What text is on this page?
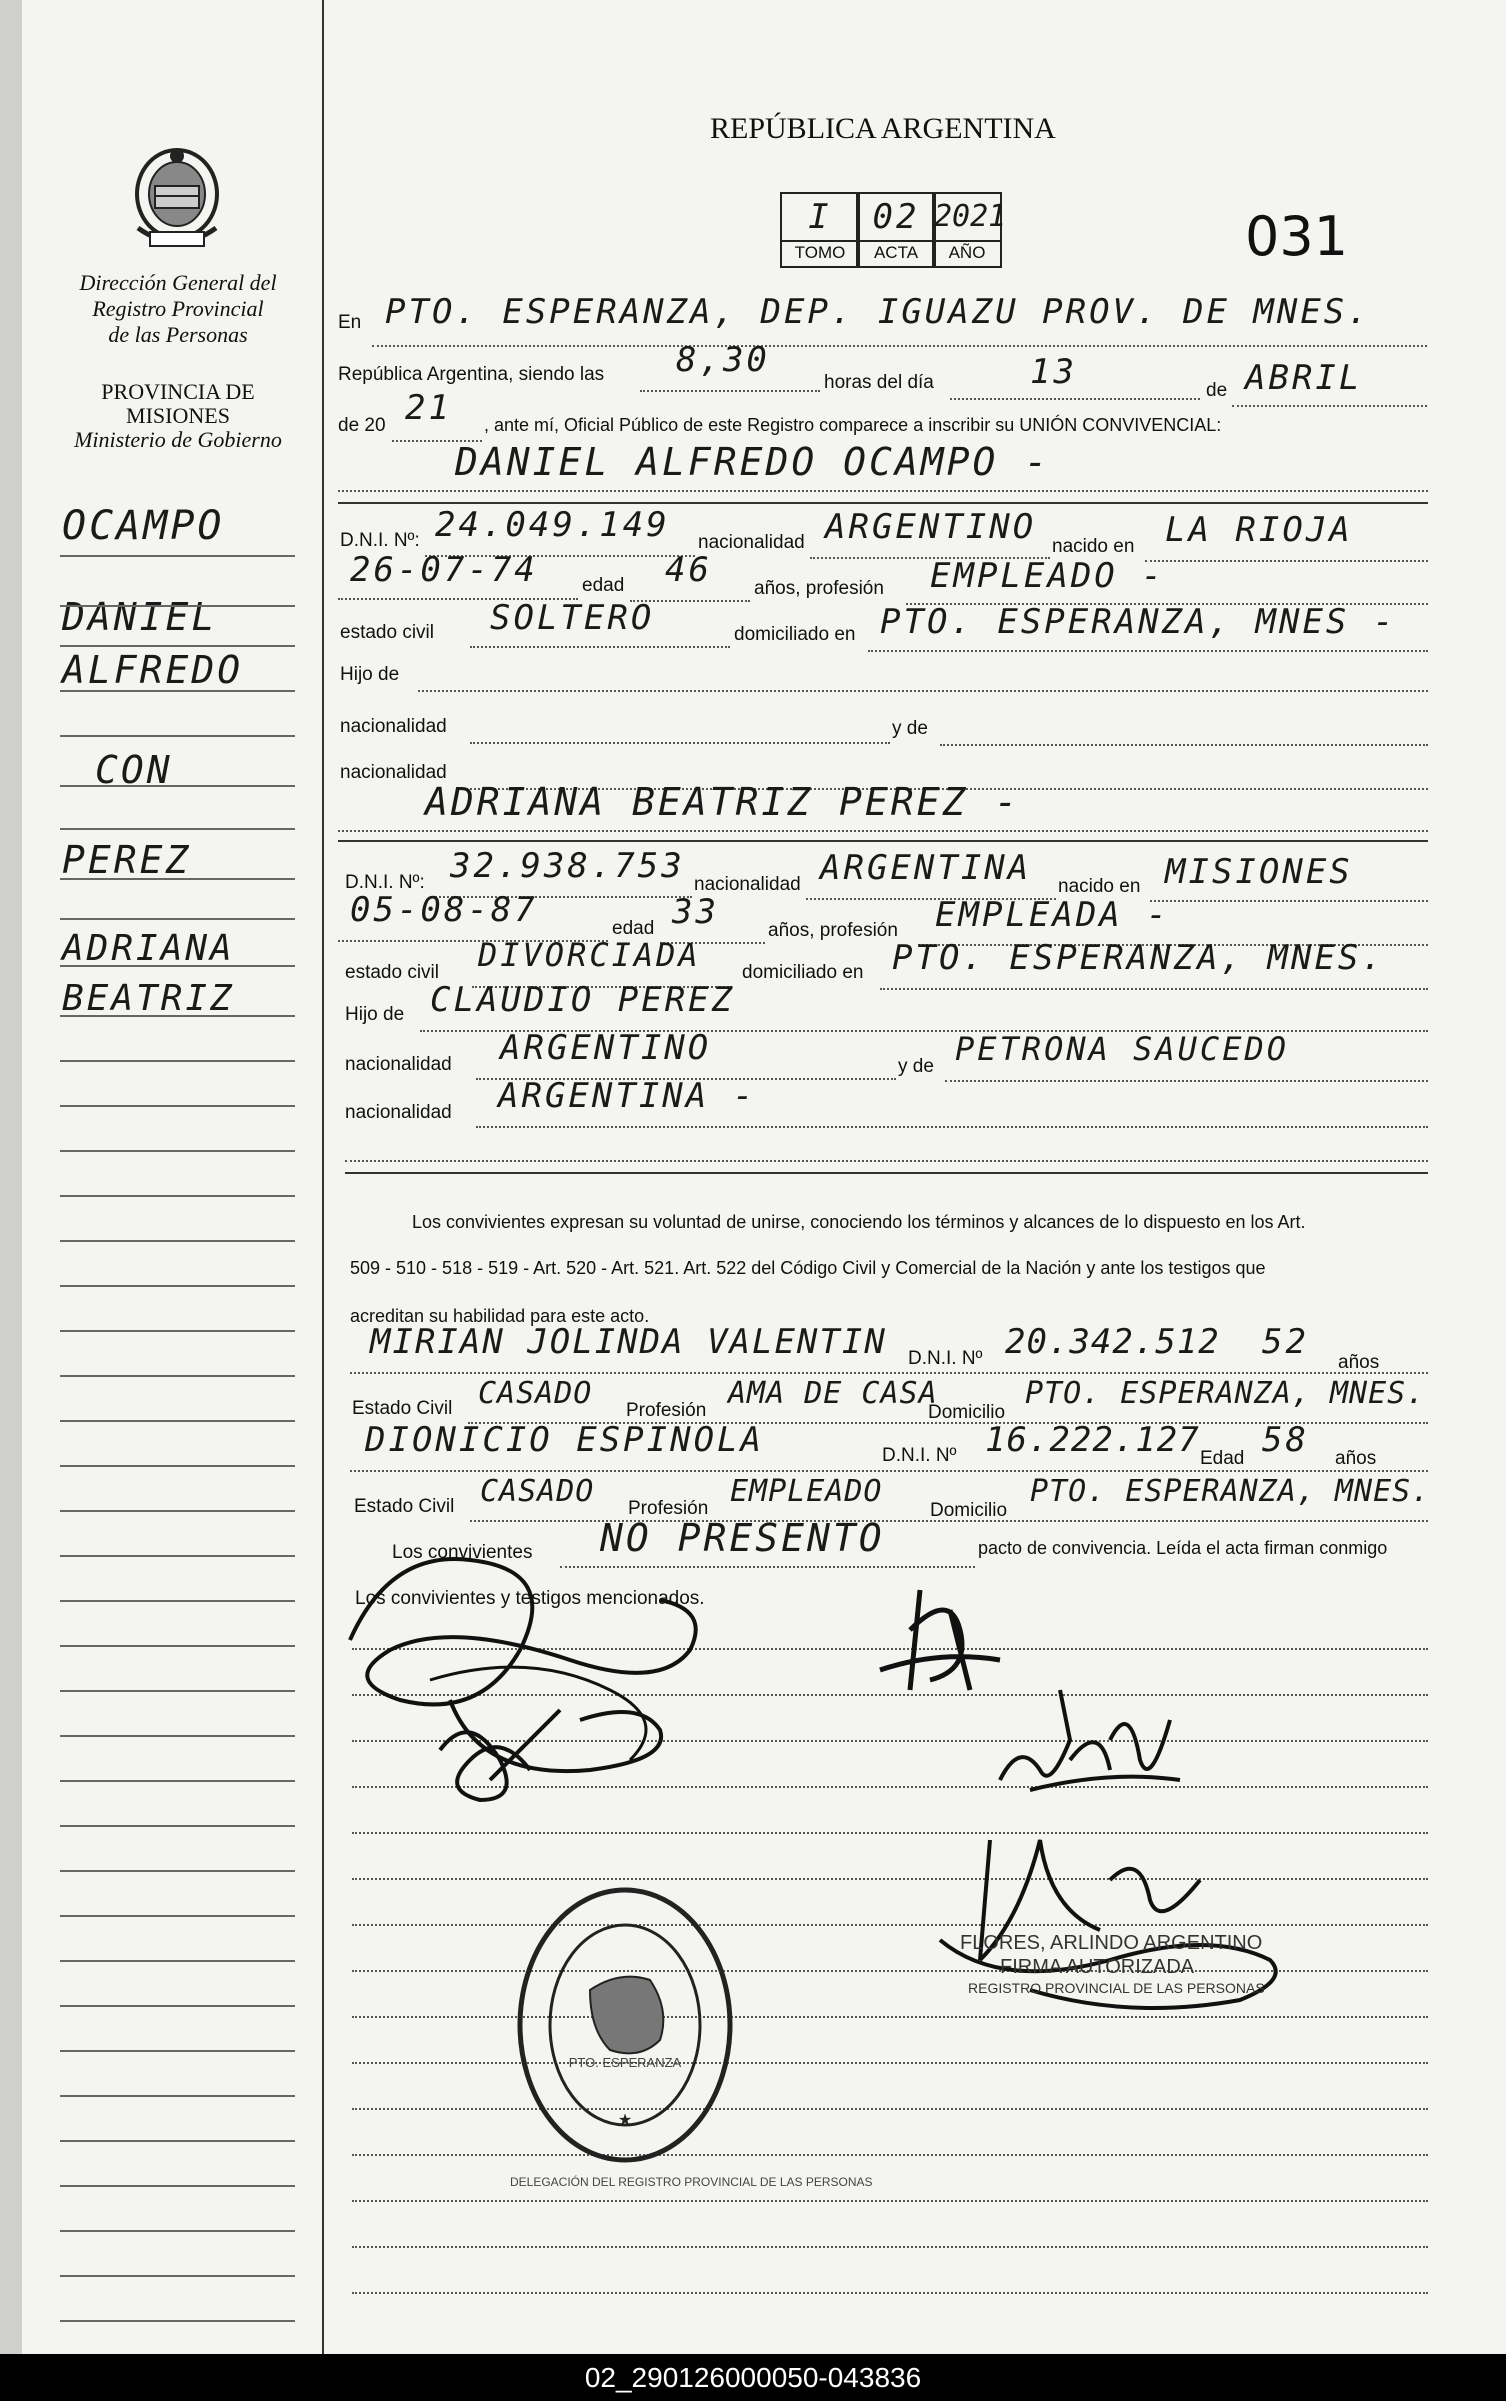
Dirección General del
Registro Provincial
de las Personas
PROVINCIA DE
MISIONES
Ministerio de Gobierno
OCAMPO
DANIEL
ALFREDO
CON
PEREZ
ADRIANA
BEATRIZ
REPÚBLICA ARGENTINA
I	02 2021
TOMO	ACTA	AÑO	031
En PTO. ESPERANZA, DEP. IGUAZU PROV. DE MNES.
República Argentina, siendo las 8,30
horas del día	13	de ABRIL
de 20 21 , ante mí, Oficial Público de este Registro comparece a inscribir su UNIÓN CONVIVENCIAL:
DANIEL ALFREDO OCAMPO -
D.N.I. Nº: 24.049.149 nacionalidad ARGENTINO nacido en LA RIOJA
26-07-74 edad 46 años, profesión EMPLEADO -
estado civil SOLTERO	domiciliado en PTO. ESPERANZA, MNES -
Hijo de
nacionalidad	y de
nacionalidad
ADRIANA BEATRIZ PEREZ -
D.N.I. Nº: 32.938.753 nacionalidad ARGENTINA nacido en MISIONES
05-08-87	edad 33	años, profesión EMPLEADA -
estado civil DIVORCIADA domiciliado en PTO. ESPERANZA, MNES.
Hijo de CLAUDIO PEREZ
nacionalidad ARGENTINO	y de PETRONA SAUCEDO
nacionalidad ARGENTINA -
Los convivientes expresan su voluntad de unirse, conociendo los términos y alcances de lo dispuesto en los Art.
509 - 510 - 518 - 519 - Art. 520 - Art. 521. Art. 522 del Código Civil y Comercial de la Nación y ante los testigos que
acreditan su habilidad para este acto.
MIRIAN JOLINDA VALENTIN D.N.I. Nº 20.342.512 52
años
Estado Civil CASADO Profesión AMA DE CASA
Domicilio
PTO. ESPERANZA, MNES.
DIONICIO ESPINOLA	D.N.I. Nº 16.222.127 Edad 58 años
Estado Civil CASADO Profesión EMPLEADO
Domicilio
PTO. ESPERANZA, MNES.
Los convivientes NO PRESENTO	pacto de convivencia. Leída el acta firman conmigo
Los convivientes y testigos mencionados.
FLORES, ARLINDO ARGENTINO
FIRMA AUTORIZADA
REGISTRO PROVINCIAL DE LAS PERSONAS
★
DELEGACIÓN DEL REGISTRO PROVINCIAL DE LAS PERSONAS
PTO. ESPERANZA
02_290126000050-043836
